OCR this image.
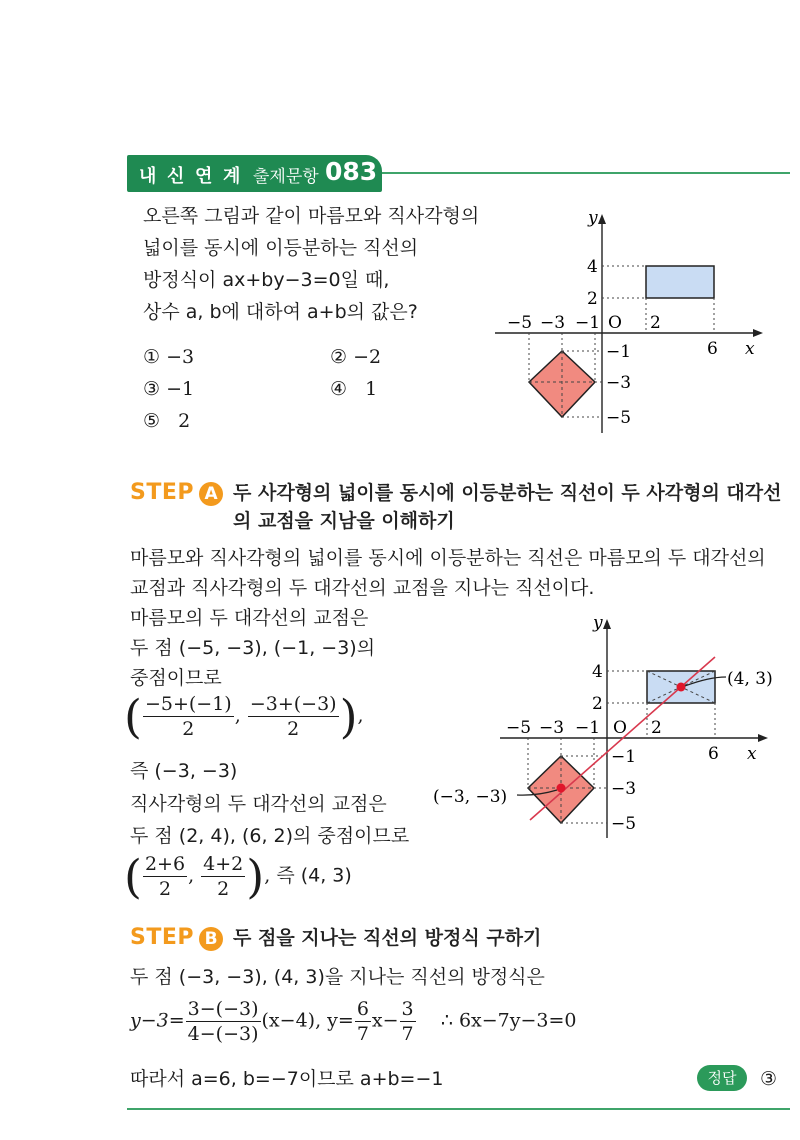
내 신 연 계 출제문항 083
오른쪽 그림과 같이 마름모와 직사각형의
넓이를 동시에 이등분하는 직선의
방정식이 ax+by−3=0일 때,
상수 a, b에 대하여 a+b의 값은?
① −3	② −2
③ −1	④ 1
⑤ 2
y
x
O
−5 −3 −1	2
6
4
2
−1
−3
−5
STEP A 두 사각형의 넓이를 동시에 이등분하는 직선이 두 사각형의 대각선
의 교점을 지남을 이해하기
마름모와 직사각형의 넓이를 동시에 이등분하는 직선은 마름모의 두 대각선의
교점과 직사각형의 두 대각선의 교점을 지나는 직선이다.
마름모의 두 대각선의 교점은
두 점 (−5, −3), (−1, −3)의
중점이므로
( $\frac{-5+(-1)}{2}$ , $\frac{-3+(-3)}{2}$ ),
즉 (−3, −3)
직사각형의 두 대각선의 교점은
두 점 (2, 4), (6, 2)의 중점이므로
( $\frac{2+6}{2}$ , $\frac{4+2}{2}$ ), 즉 (4, 3)
(4, 3)
(−3, −3)
y
x
O
−5 −3 −1	2
6
4
2
−1
−3
−5
STEP B 두 점을 지나는 직선의 방정식 구하기
두 점 (−3, −3), (4, 3)을 지나는 직선의 방정식은
$y-3= \frac{3-(-3)}{4-(-3)} (x-4)$, $y= \frac{6}{7} x- \frac{3}{7}$ ∴ 6x−7y−3=0
따라서 a=6, b=−7이므로 a+b=−1	정답	③
